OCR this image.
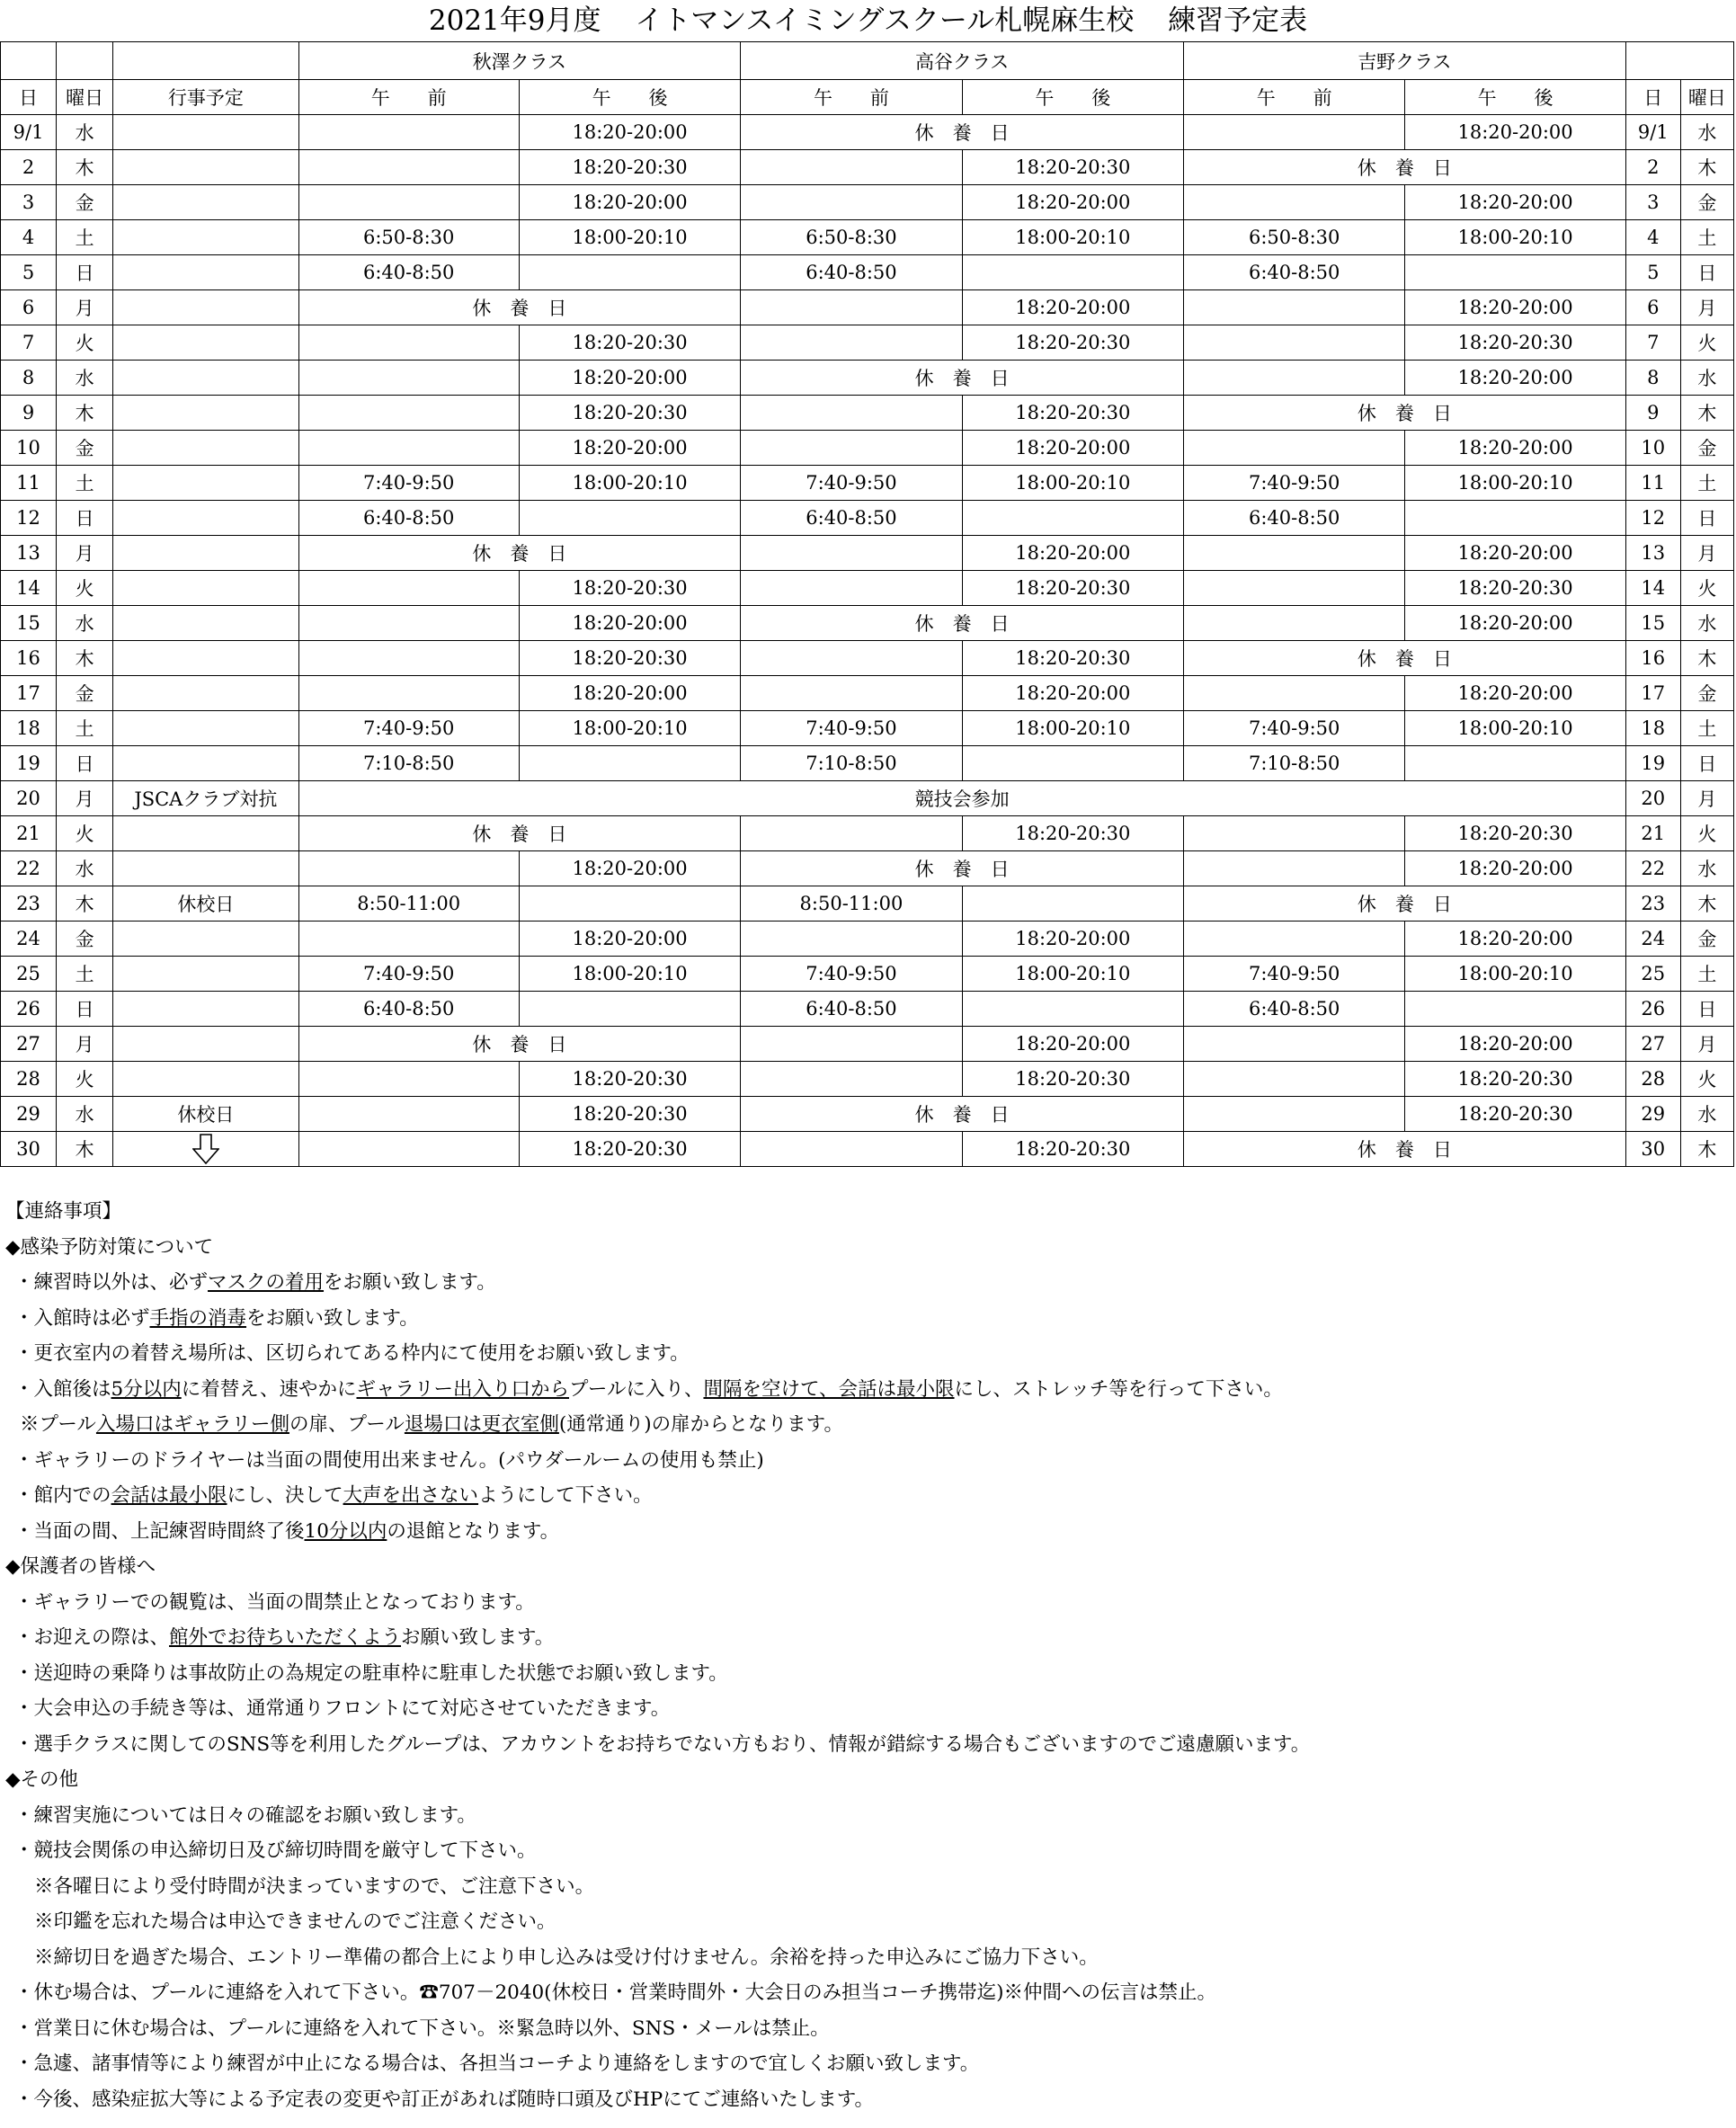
2021年9月度 イトマンスイミングスクール札幌麻生校 練習予定表
			秋澤クラス		高谷クラス		吉野クラス			
日	曜日	行事予定	午　　前	午　　後	午　　前	午　　後	午　　前	午　　後	日	曜日
9/1	水			18:20-20:00	休　養　日			18:20-20:00	9/1	水
2	木			18:20-20:30		18:20-20:30	休　養　日		2	木
3	金			18:20-20:00		18:20-20:00		18:20-20:00	3	金
4	土		6:50-8:30	18:00-20:10	6:50-8:30	18:00-20:10	6:50-8:30	18:00-20:10	4	土
5	日		6:40-8:50		6:40-8:50		6:40-8:50		5	日
6	月		休　養　日			18:20-20:00		18:20-20:00	6	月
7	火			18:20-20:30		18:20-20:30		18:20-20:30	7	火
8	水			18:20-20:00	休　養　日			18:20-20:00	8	水
9	木			18:20-20:30		18:20-20:30	休　養　日		9	木
10	金			18:20-20:00		18:20-20:00		18:20-20:00	10	金
11	土		7:40-9:50	18:00-20:10	7:40-9:50	18:00-20:10	7:40-9:50	18:00-20:10	11	土
12	日		6:40-8:50		6:40-8:50		6:40-8:50		12	日
13	月		休　養　日			18:20-20:00		18:20-20:00	13	月
14	火			18:20-20:30		18:20-20:30		18:20-20:30	14	火
15	水			18:20-20:00	休　養　日			18:20-20:00	15	水
16	木			18:20-20:30		18:20-20:30	休　養　日		16	木
17	金			18:20-20:00		18:20-20:00		18:20-20:00	17	金
18	土		7:40-9:50	18:00-20:10	7:40-9:50	18:00-20:10	7:40-9:50	18:00-20:10	18	土
19	日		7:10-8:50		7:10-8:50		7:10-8:50		19	日
20	月	JSCAクラブ対抗	競技会参加						20	月
21	火		休　養　日			18:20-20:30		18:20-20:30	21	火
22	水			18:20-20:00	休　養　日			18:20-20:00	22	水
23	木	休校日	8:50-11:00		8:50-11:00		休　養　日		23	木
24	金			18:20-20:00		18:20-20:00		18:20-20:00	24	金
25	土		7:40-9:50	18:00-20:10	7:40-9:50	18:00-20:10	7:40-9:50	18:00-20:10	25	土
26	日		6:40-8:50		6:40-8:50		6:40-8:50		26	日
27	月		休　養　日			18:20-20:00		18:20-20:00	27	月
28	火			18:20-20:30		18:20-20:30		18:20-20:30	28	火
29	水	休校日		18:20-20:30	休　養　日			18:20-20:30	29	水
30	木			18:20-20:30		18:20-20:30	休　養　日		30	木
【連絡事項】
◆感染予防対策について
・練習時以外は、必ずマスクの着用をお願い致します。
・入館時は必ず手指の消毒をお願い致します。
・更衣室内の着替え場所は、区切られてある枠内にて使用をお願い致します。
・入館後は5分以内に着替え、速やかにギャラリー出入り口からプールに入り、間隔を空けて、会話は最小限にし、ストレッチ等を行って下さい。
※プール入場口はギャラリー側の扉、プール退場口は更衣室側(通常通り)の扉からとなります。
・ギャラリーのドライヤーは当面の間使用出来ません。(パウダールームの使用も禁止)
・館内での会話は最小限にし、決して大声を出さないようにして下さい。
・当面の間、上記練習時間終了後10分以内の退館となります。
◆保護者の皆様へ
・ギャラリーでの観覧は、当面の間禁止となっております。
・お迎えの際は、館外でお待ちいただくようお願い致します。
・送迎時の乗降りは事故防止の為規定の駐車枠に駐車した状態でお願い致します。
・大会申込の手続き等は、通常通りフロントにて対応させていただきます。
・選手クラスに関してのSNS等を利用したグループは、アカウントをお持ちでない方もおり、情報が錯綜する場合もございますのでご遠慮願います。
◆その他
・練習実施については日々の確認をお願い致します。
・競技会関係の申込締切日及び締切時間を厳守して下さい。
※各曜日により受付時間が決まっていますので、ご注意下さい。
※印鑑を忘れた場合は申込できませんのでご注意ください。
※締切日を過ぎた場合、エントリー準備の都合上により申し込みは受け付けません。余裕を持った申込みにご協力下さい。
・休む場合は、プールに連絡を入れて下さい。☎707－2040(休校日・営業時間外・大会日のみ担当コーチ携帯迄)※仲間への伝言は禁止。
・営業日に休む場合は、プールに連絡を入れて下さい。※緊急時以外、SNS・メールは禁止。
・急遽、諸事情等により練習が中止になる場合は、各担当コーチより連絡をしますので宜しくお願い致します。
・今後、感染症拡大等による予定表の変更や訂正があれば随時口頭及びHPにてご連絡いたします。
